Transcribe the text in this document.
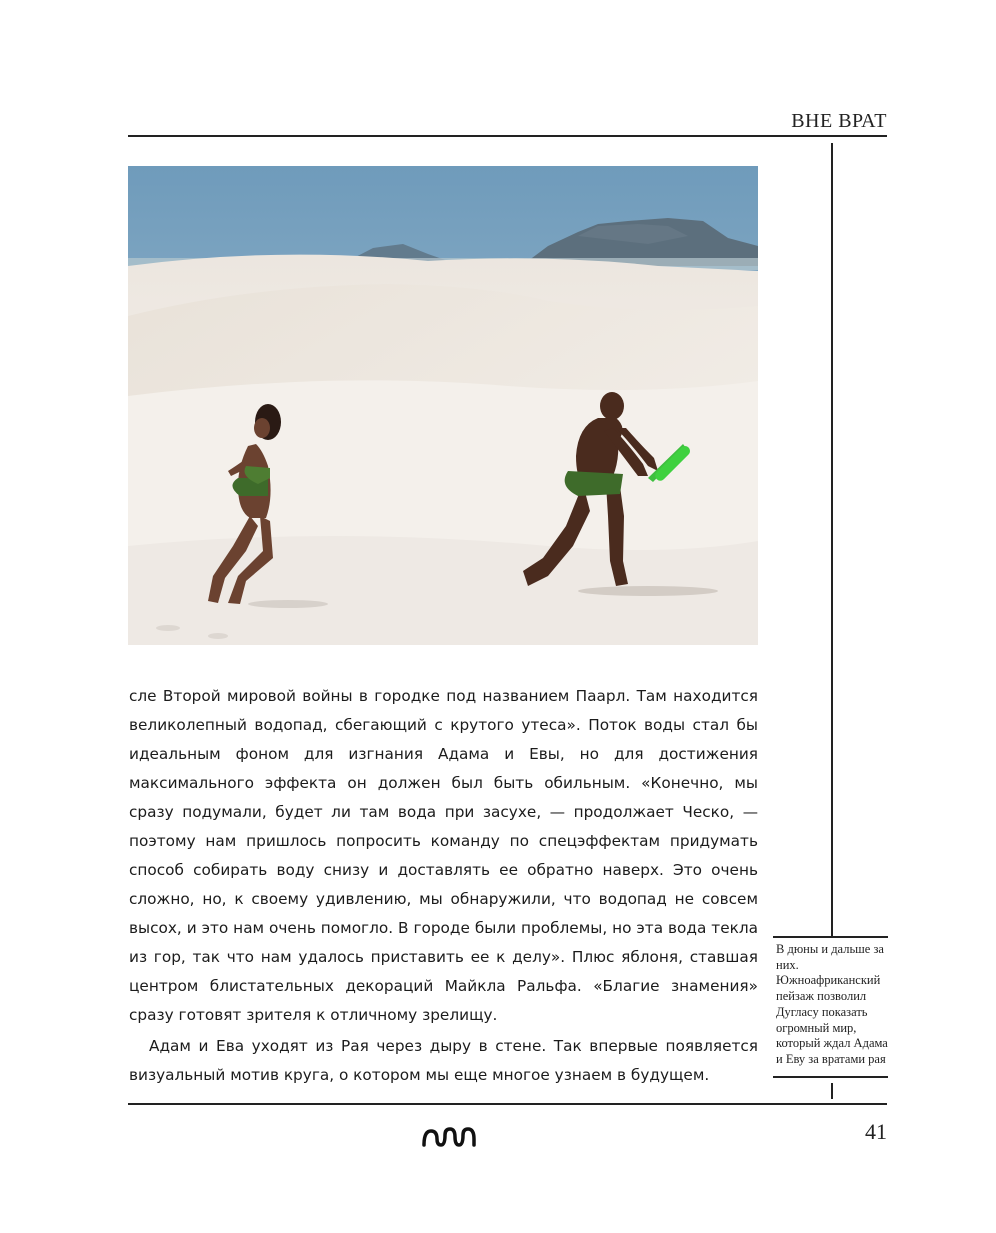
ВНЕ ВРАТ

сле Второй мировой войны в городке под названием Паарл. Там находится великолепный водопад, сбегающий с крутого утеса». Поток воды стал бы идеальным фоном для изгнания Адама и Евы, но для достижения максимального эффекта он должен был быть обильным. «Конечно, мы сразу подумали, будет ли там вода при засухе, — продолжает Ческо, — поэтому нам пришлось попросить команду по спецэффектам придумать способ собирать воду снизу и доставлять ее обратно наверх. Это очень сложно, но, к своему удивлению, мы обнаружили, что водопад не совсем высох, и это нам очень помогло. В городе были проблемы, но эта вода текла из гор, так что нам удалось приставить ее к делу». Плюс яблоня, ставшая центром блистательных декораций Майкла Ральфа. «Благие знамения» сразу готовят зрителя к отличному зрелищу.

Адам и Ева уходят из Рая через дыру в стене. Так впервые появляется визуальный мотив круга, о котором мы еще многое узнаем в будущем.

В дюны и дальше за них. Южноафриканский пейзаж позволил Дугласу показать огромный мир, который ждал Адама и Еву за вратами рая
41
